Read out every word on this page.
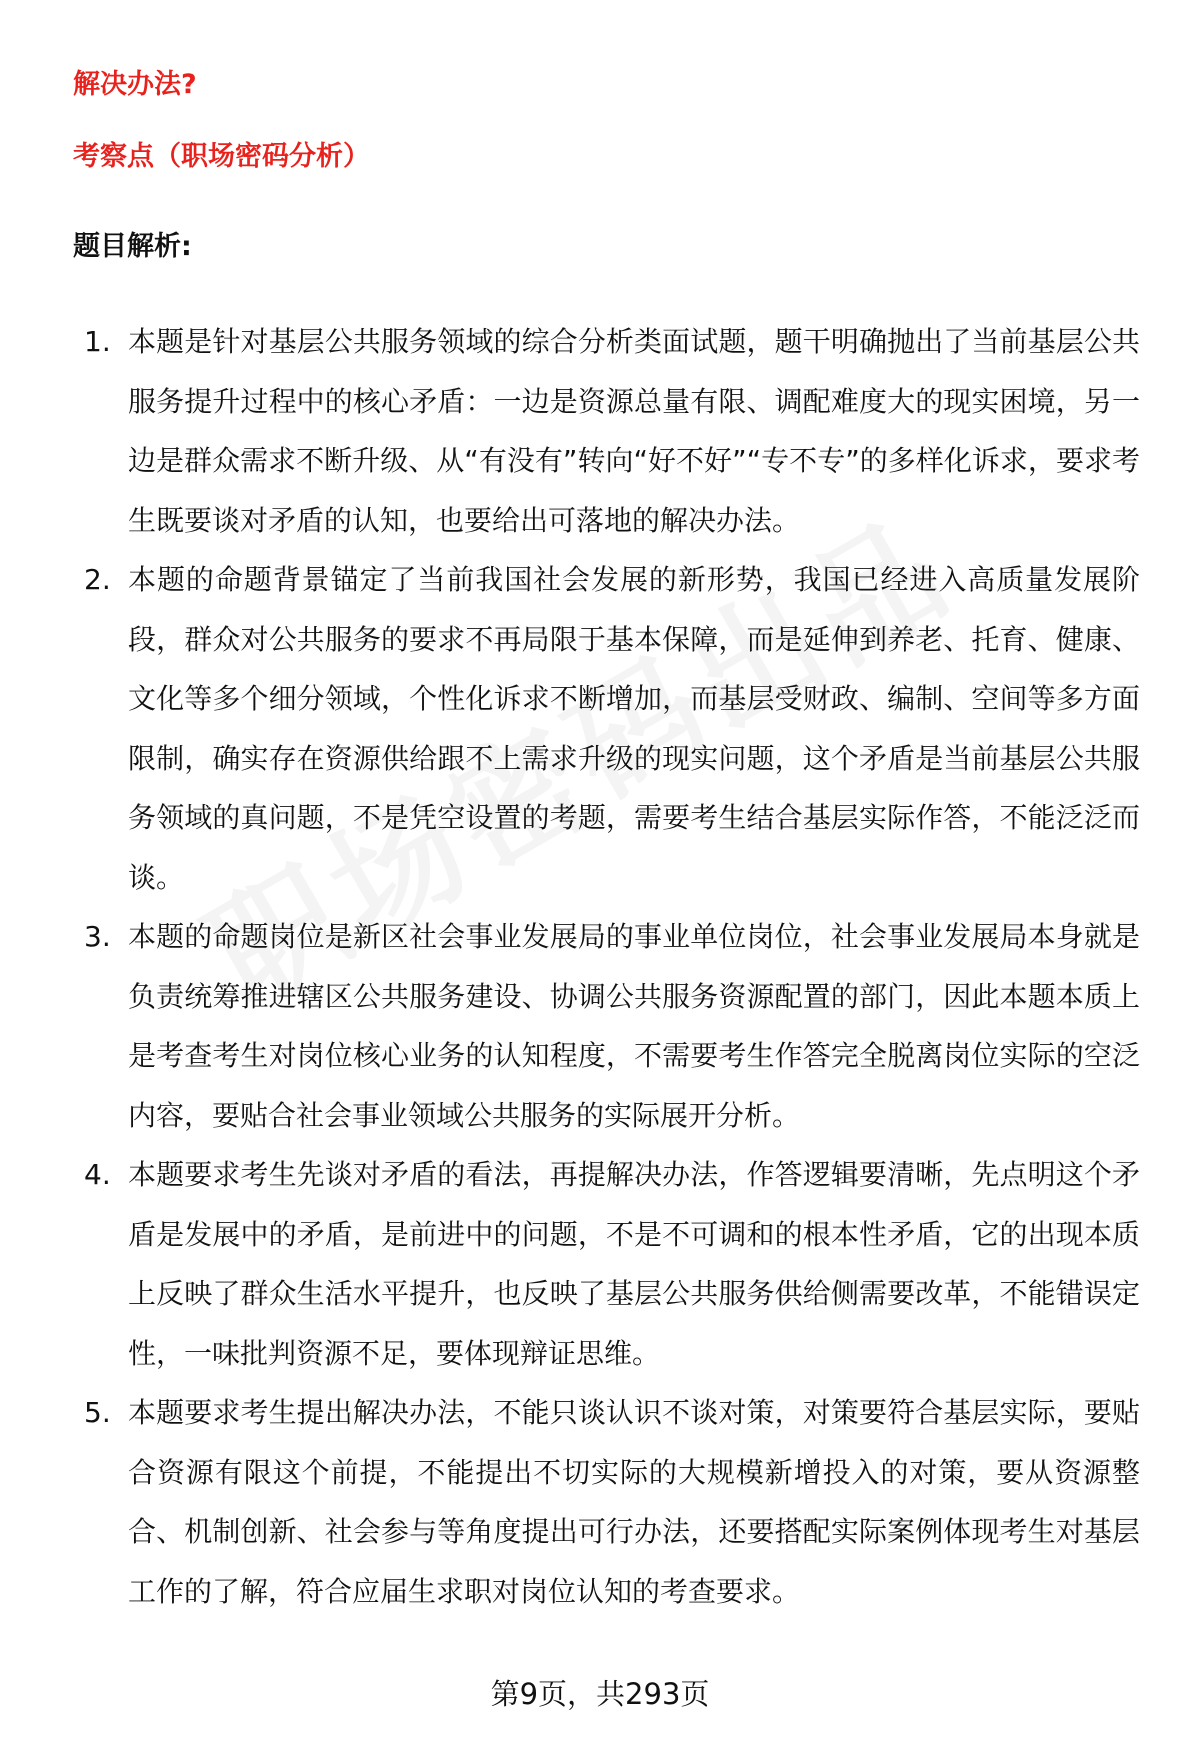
解决办法?

考察点（职场密码分析）

题目解析:

1. 本题是针对基层公共服务领域的综合分析类面试题，题干明确抛出了当前基层公共服务提升过程中的核心矛盾：一边是资源总量有限、调配难度大的现实困境，另一边是群众需求不断升级、从“有没有”转向“好不好”“专不专”的多样化诉求，要求考生既要谈对矛盾的认知，也要给出可落地的解决办法。

2. 本题的命题背景锚定了当前我国社会发展的新形势，我国已经进入高质量发展阶段，群众对公共服务的要求不再局限于基本保障，而是延伸到养老、托育、健康、文化等多个细分领域，个性化诉求不断增加，而基层受财政、编制、空间等多方面限制，确实存在资源供给跟不上需求升级的现实问题，这个矛盾是当前基层公共服务领域的真问题，不是凭空设置的考题，需要考生结合基层实际作答，不能泛泛而谈。

3. 本题的命题岗位是新区社会事业发展局的事业单位岗位，社会事业发展局本身就是负责统筹推进辖区公共服务建设、协调公共服务资源配置的部门，因此本题本质上是考查考生对岗位核心业务的认知程度，不需要考生作答完全脱离岗位实际的空泛内容，要贴合社会事业领域公共服务的实际展开分析。

4. 本题要求考生先谈对矛盾的看法，再提解决办法，作答逻辑要清晰，先点明这个矛盾是发展中的矛盾，是前进中的问题，不是不可调和的根本性矛盾，它的出现本质上反映了群众生活水平提升，也反映了基层公共服务供给侧需要改革，不能错误定性，一味批判资源不足，要体现辩证思维。

5. 本题要求考生提出解决办法，不能只谈认识不谈对策，对策要符合基层实际，要贴合资源有限这个前提，不能提出不切实际的大规模新增投入的对策，要从资源整合、机制创新、社会参与等角度提出可行办法，还要搭配实际案例体现考生对基层工作的了解，符合应届生求职对岗位认知的考查要求。

第9页，共293页
